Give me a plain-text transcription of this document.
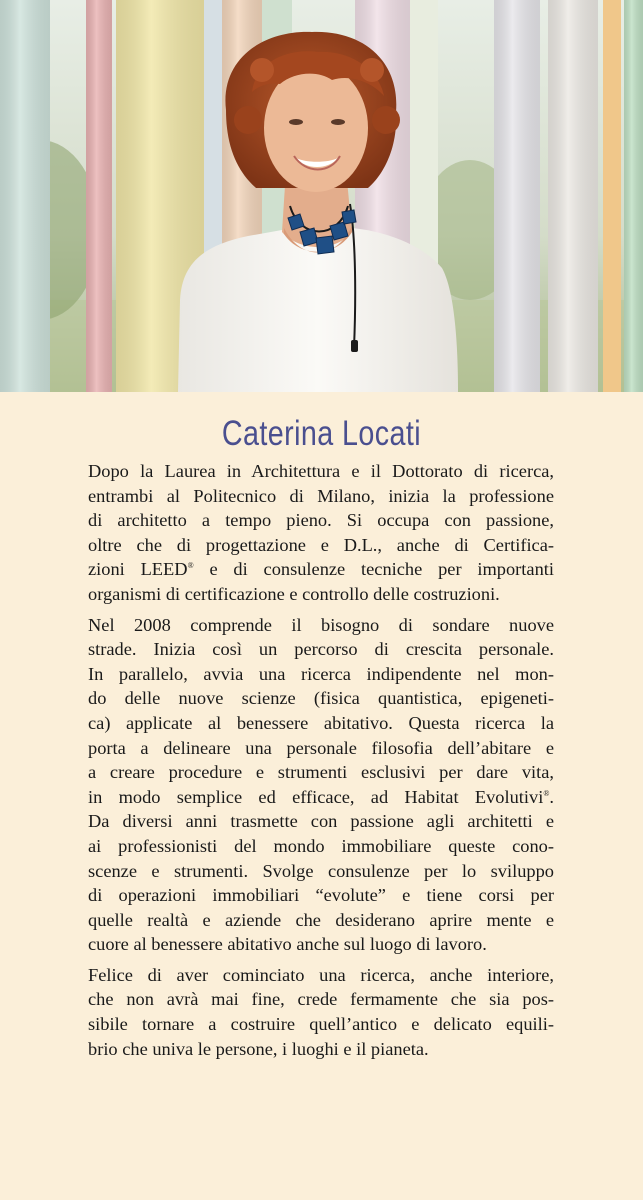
Caterina Locati

Dopo la Laurea in Architettura e il Dottorato di ricerca,
entrambi al Politecnico di Milano, inizia la professione
di architetto a tempo pieno. Si occupa con passione,
oltre che di progettazione e D.L., anche di Certifica-
zioni LEED® e di consulenze tecniche per importanti
organismi di certificazione e controllo delle costruzioni.

Nel 2008 comprende il bisogno di sondare nuove
strade. Inizia così un percorso di crescita personale.
In parallelo, avvia una ricerca indipendente nel mon-
do delle nuove scienze (fisica quantistica, epigeneti-
ca) applicate al benessere abitativo. Questa ricerca la
porta a delineare una personale filosofia dell’abitare e
a creare procedure e strumenti esclusivi per dare vita,
in modo semplice ed efficace, ad Habitat Evolutivi®.
Da diversi anni trasmette con passione agli architetti e
ai professionisti del mondo immobiliare queste cono-
scenze e strumenti. Svolge consulenze per lo sviluppo
di operazioni immobiliari “evolute” e tiene corsi per
quelle realtà e aziende che desiderano aprire mente e
cuore al benessere abitativo anche sul luogo di lavoro.

Felice di aver cominciato una ricerca, anche interiore,
che non avrà mai fine, crede fermamente che sia pos-
sibile tornare a costruire quell’antico e delicato equili-
brio che univa le persone, i luoghi e il pianeta.
